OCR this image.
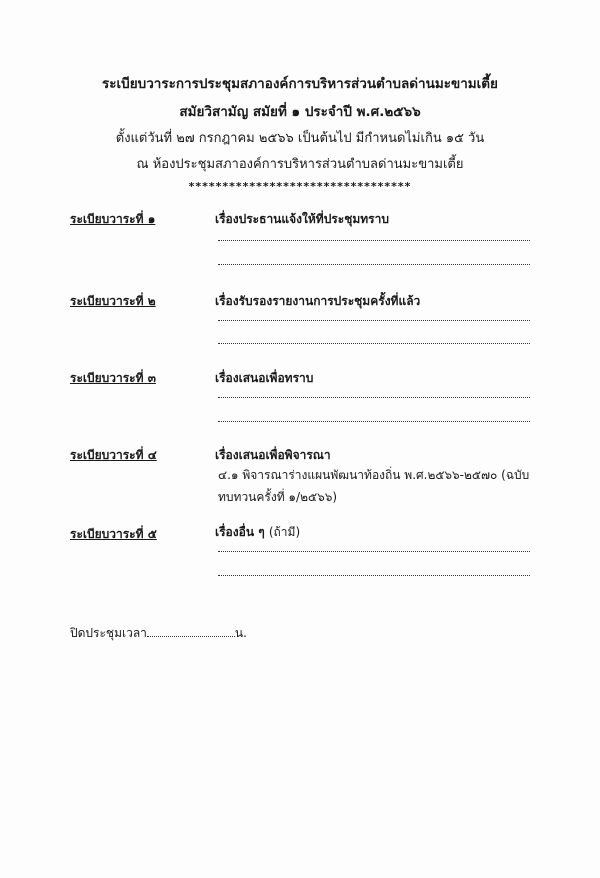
ระเบียบวาระการประชุมสภาองค์การบริหารส่วนตำบลด่านมะขามเตี้ย
สมัยวิสามัญ สมัยที่ ๑ ประจำปี พ.ศ.๒๕๖๖
ตั้งแต่วันที่ ๒๗ กรกฎาคม ๒๕๖๖ เป็นต้นไป มีกำหนดไม่เกิน ๑๕ วัน
ณ ห้องประชุมสภาองค์การบริหารส่วนตำบลด่านมะขามเตี้ย
*********************************
ระเบียบวาระที่ ๑	เรื่องประธานแจ้งให้ที่ประชุมทราบ
ระเบียบวาระที่ ๒	เรื่องรับรองรายงานการประชุมครั้งที่แล้ว
ระเบียบวาระที่ ๓	เรื่องเสนอเพื่อทราบ
ระเบียบวาระที่ ๔	เรื่องเสนอเพื่อพิจารณา
๔.๑ พิจารณาร่างแผนพัฒนาท้องถิ่น พ.ศ.๒๕๖๖-๒๕๗๐ (ฉบับทบทวนครั้งที่ ๑/๒๕๖๖)
ระเบียบวาระที่ ๕	เรื่องอื่น ๆ (ถ้ามี)
ปิดประชุมเวลา	น.
